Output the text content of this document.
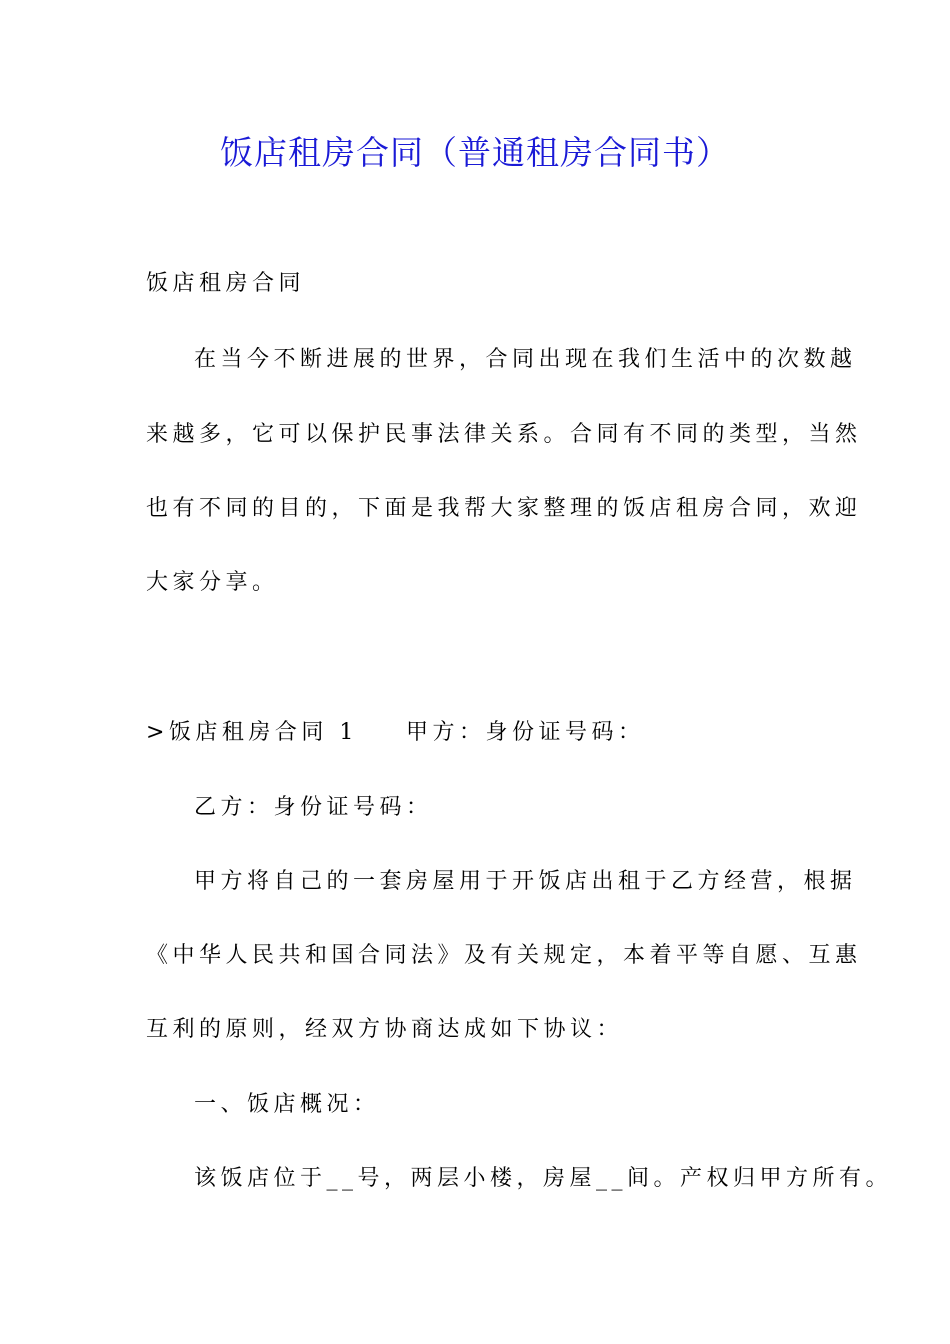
饭店租房合同（普通租房合同书）
饭店租房合同
在当今不断进展的世界，合同出现在我们生活中的次数越
来越多，它可以保护民事法律关系。合同有不同的类型，当然
也有不同的目的，下面是我帮大家整理的饭店租房合同，欢迎
大家分享。
>饭店租房合同 1 甲方：身份证号码：
乙方：身份证号码：
甲方将自己的一套房屋用于开饭店出租于乙方经营，根据
《中华人民共和国合同法》及有关规定，本着平等自愿、互惠
互利的原则，经双方协商达成如下协议：
一、饭店概况：
该饭店位于__号，两层小楼，房屋__间。产权归甲方所有。
